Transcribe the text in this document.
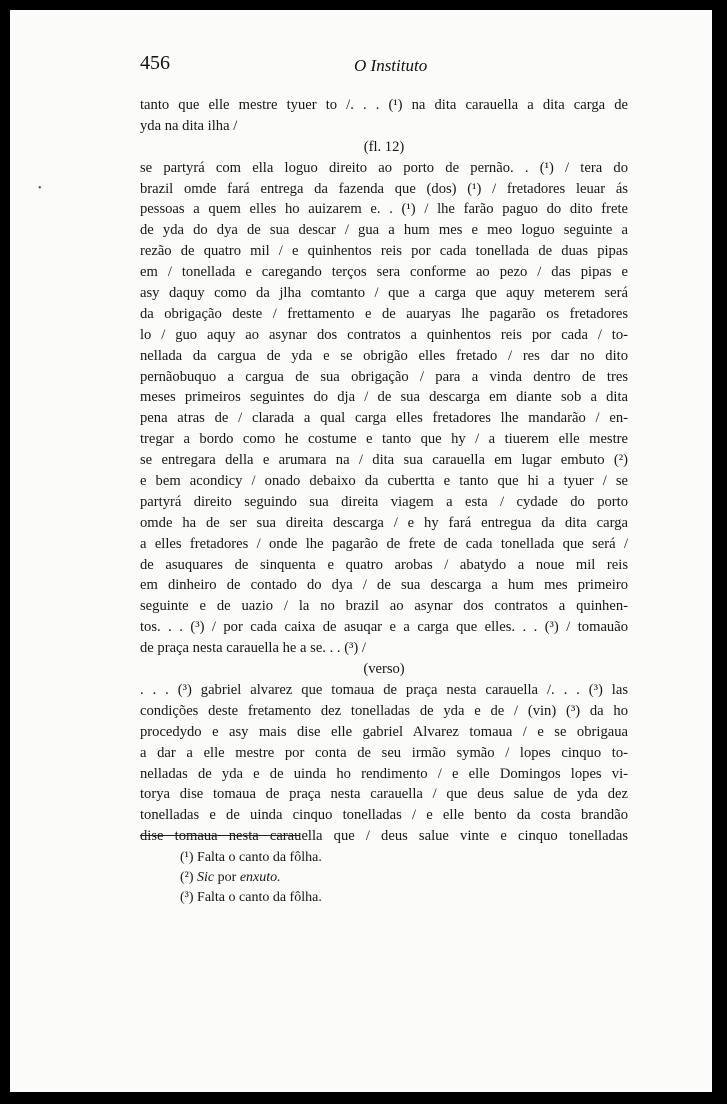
456	O Instituto
tanto que elle mestre tyuer to /. . . (¹) na dita carauella a dita carga de
yda na dita ilha /
(fl. 12)
se partyrá com ella loguo direito ao porto de pernão. . (¹) / tera do
brazil omde fará entrega da fazenda que (dos) (¹) / fretadores leuar ás
pessoas a quem elles ho auizarem e. . (¹) / lhe farão paguo do dito frete
de yda do dya de sua descar / gua a hum mes e meo loguo seguinte a
rezão de quatro mil / e quinhentos reis por cada tonellada de duas pipas
em / tonellada e caregando terços sera conforme ao pezo / das pipas e
asy daquy como da jlha comtanto / que a carga que aquy meterem será
da obrigação deste / frettamento e de auaryas lhe pagarão os fretadores
lo / guo aquy ao asynar dos contratos a quinhentos reis por cada / to-
nellada da cargua de yda e se obrigão elles fretado / res dar no dito
pernãobuquo a cargua de sua obrigação / para a vinda dentro de tres
meses primeiros seguintes do dja / de sua descarga em diante sob a dita
pena atras de / clarada a qual carga elles fretadores lhe mandarão / en-
tregar a bordo como he costume e tanto que hy / a tiuerem elle mestre
se entregara della e arumara na / dita sua carauella em lugar embuto (²)
e bem acondicy / onado debaixo da cubertta e tanto que hi a tyuer / se
partyrá direito seguindo sua direita viagem a esta / cydade do porto
omde ha de ser sua direita descarga / e hy fará entregua da dita carga
a elles fretadores / onde lhe pagarão de frete de cada tonellada que será /
de asuquares de sinquenta e quatro arobas / abatydo a noue mil reis
em dinheiro de contado do dya / de sua descarga a hum mes primeiro
seguinte e de uazio / la no brazil ao asynar dos contratos a quinhen-
tos. . . (³) / por cada caixa de asuqar e a carga que elles. . . (³) / tomauão
de praça nesta carauella he a se. . . (³) /
(verso)
. . . (³) gabriel alvarez que tomaua de praça nesta carauella /. . . (³) las
condições deste fretamento dez tonelladas de yda e de / (vin) (³) da ho
procedydo e asy mais dise elle gabriel Alvarez tomaua / e se obrigaua
a dar a elle mestre por conta de seu irmão symão / lopes cinquo to-
nelladas de yda e de uinda ho rendimento / e elle Domingos lopes vi-
torya dise tomaua de praça nesta carauella / que deus salue de yda dez
tonelladas e de uinda cinquo tonelladas / e elle bento da costa brandão
dise tomaua nesta carauella que / deus salue vinte e cinquo tonelladas
(¹) Falta o canto da fôlha.
(²) Sic por enxuto.
(³) Falta o canto da fôlha.
•
